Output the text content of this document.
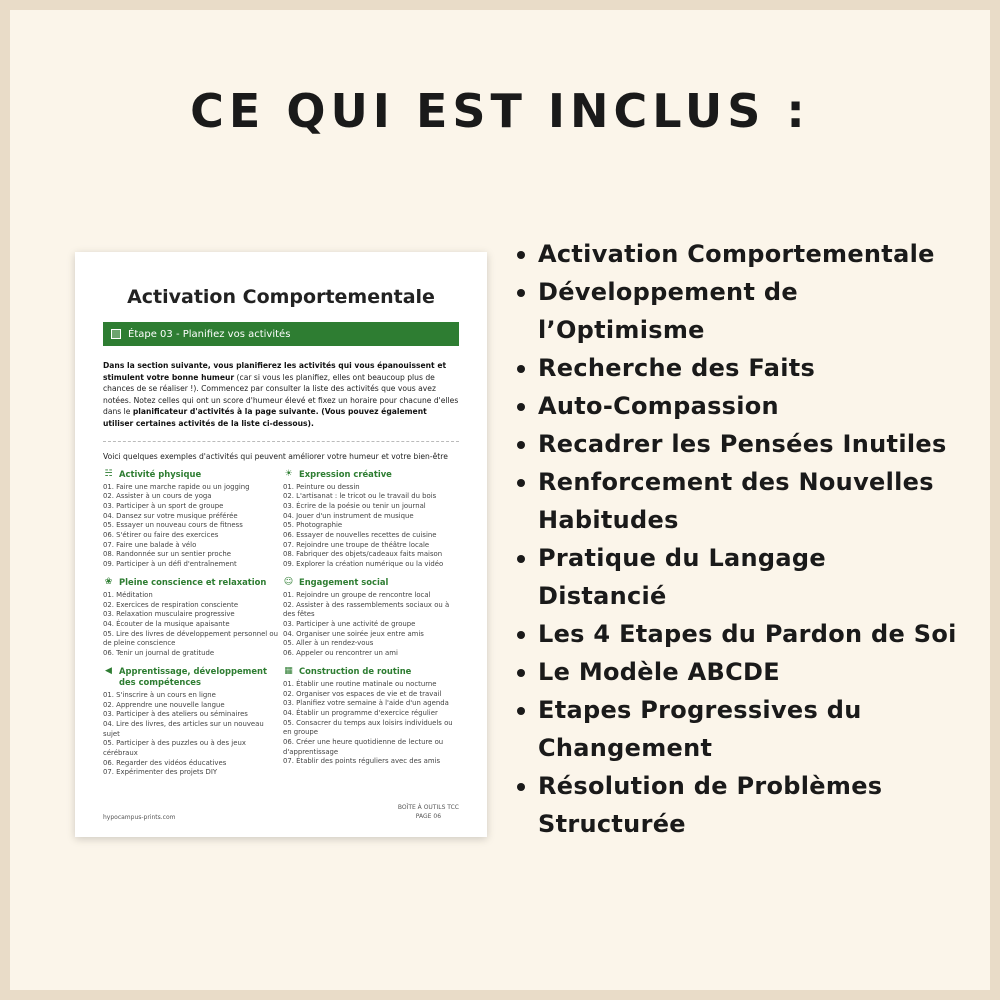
CE QUI EST INCLUS :
Activation Comportementale
Étape 03 - Planifiez vos activités

Dans la section suivante, vous planifierez les activités qui vous épanouissent et stimulent votre bonne humeur (car si vous les planifiez, elles ont beaucoup plus de chances de se réaliser !). Commencez par consulter la liste des activités que vous avez notées. Notez celles qui ont un score d'humeur élevé et fixez un horaire pour chacune d'elles dans le planificateur d'activités à la page suivante. (Vous pouvez également utiliser certaines activités de la liste ci-dessous).

Voici quelques exemples d'activités qui peuvent améliorer votre humeur et votre bien-être
☵ Activité physique
01. Faire une marche rapide ou un jogging
02. Assister à un cours de yoga
03. Participer à un sport de groupe
04. Dansez sur votre musique préférée
05. Essayer un nouveau cours de fitness
06. S'étirer ou faire des exercices
07. Faire une balade à vélo
08. Randonnée sur un sentier proche
09. Participer à un défi d'entraînement
☀ Expression créative
01. Peinture ou dessin
02. L'artisanat : le tricot ou le travail du bois
03. Écrire de la poésie ou tenir un journal
04. Jouer d'un instrument de musique
05. Photographie
06. Essayer de nouvelles recettes de cuisine
07. Rejoindre une troupe de théâtre locale
08. Fabriquer des objets/cadeaux faits maison
09. Explorer la création numérique ou la vidéo
❀ Pleine conscience et relaxation
01. Méditation
02. Exercices de respiration consciente
03. Relaxation musculaire progressive
04. Écouter de la musique apaisante
05. Lire des livres de développement personnel ou de pleine conscience
06. Tenir un journal de gratitude
☺ Engagement social
01. Rejoindre un groupe de rencontre local
02. Assister à des rassemblements sociaux ou à des fêtes
03. Participer à une activité de groupe
04. Organiser une soirée jeux entre amis
05. Aller à un rendez-vous
06. Appeler ou rencontrer un ami
◀ Apprentissage, développement des compétences
01. S'inscrire à un cours en ligne
02. Apprendre une nouvelle langue
03. Participer à des ateliers ou séminaires
04. Lire des livres, des articles sur un nouveau sujet
05. Participer à des puzzles ou à des jeux cérébraux
06. Regarder des vidéos éducatives
07. Expérimenter des projets DIY
▦ Construction de routine
01. Établir une routine matinale ou nocturne
02. Organiser vos espaces de vie et de travail
03. Planifiez votre semaine à l'aide d'un agenda
04. Établir un programme d'exercice régulier
05. Consacrer du temps aux loisirs individuels ou en groupe
06. Créer une heure quotidienne de lecture ou d'apprentissage
07. Établir des points réguliers avec des amis
hypocampus-prints.com
BOÎTE À OUTILS TCC
PAGE 06
Activation Comportementale
Développement de l’Optimisme
Recherche des Faits
Auto-Compassion
Recadrer les Pensées Inutiles
Renforcement des Nouvelles Habitudes
Pratique du Langage Distancié
Les 4 Etapes du Pardon de Soi
Le Modèle ABCDE
Etapes Progressives du Changement
Résolution de Problèmes Structurée
